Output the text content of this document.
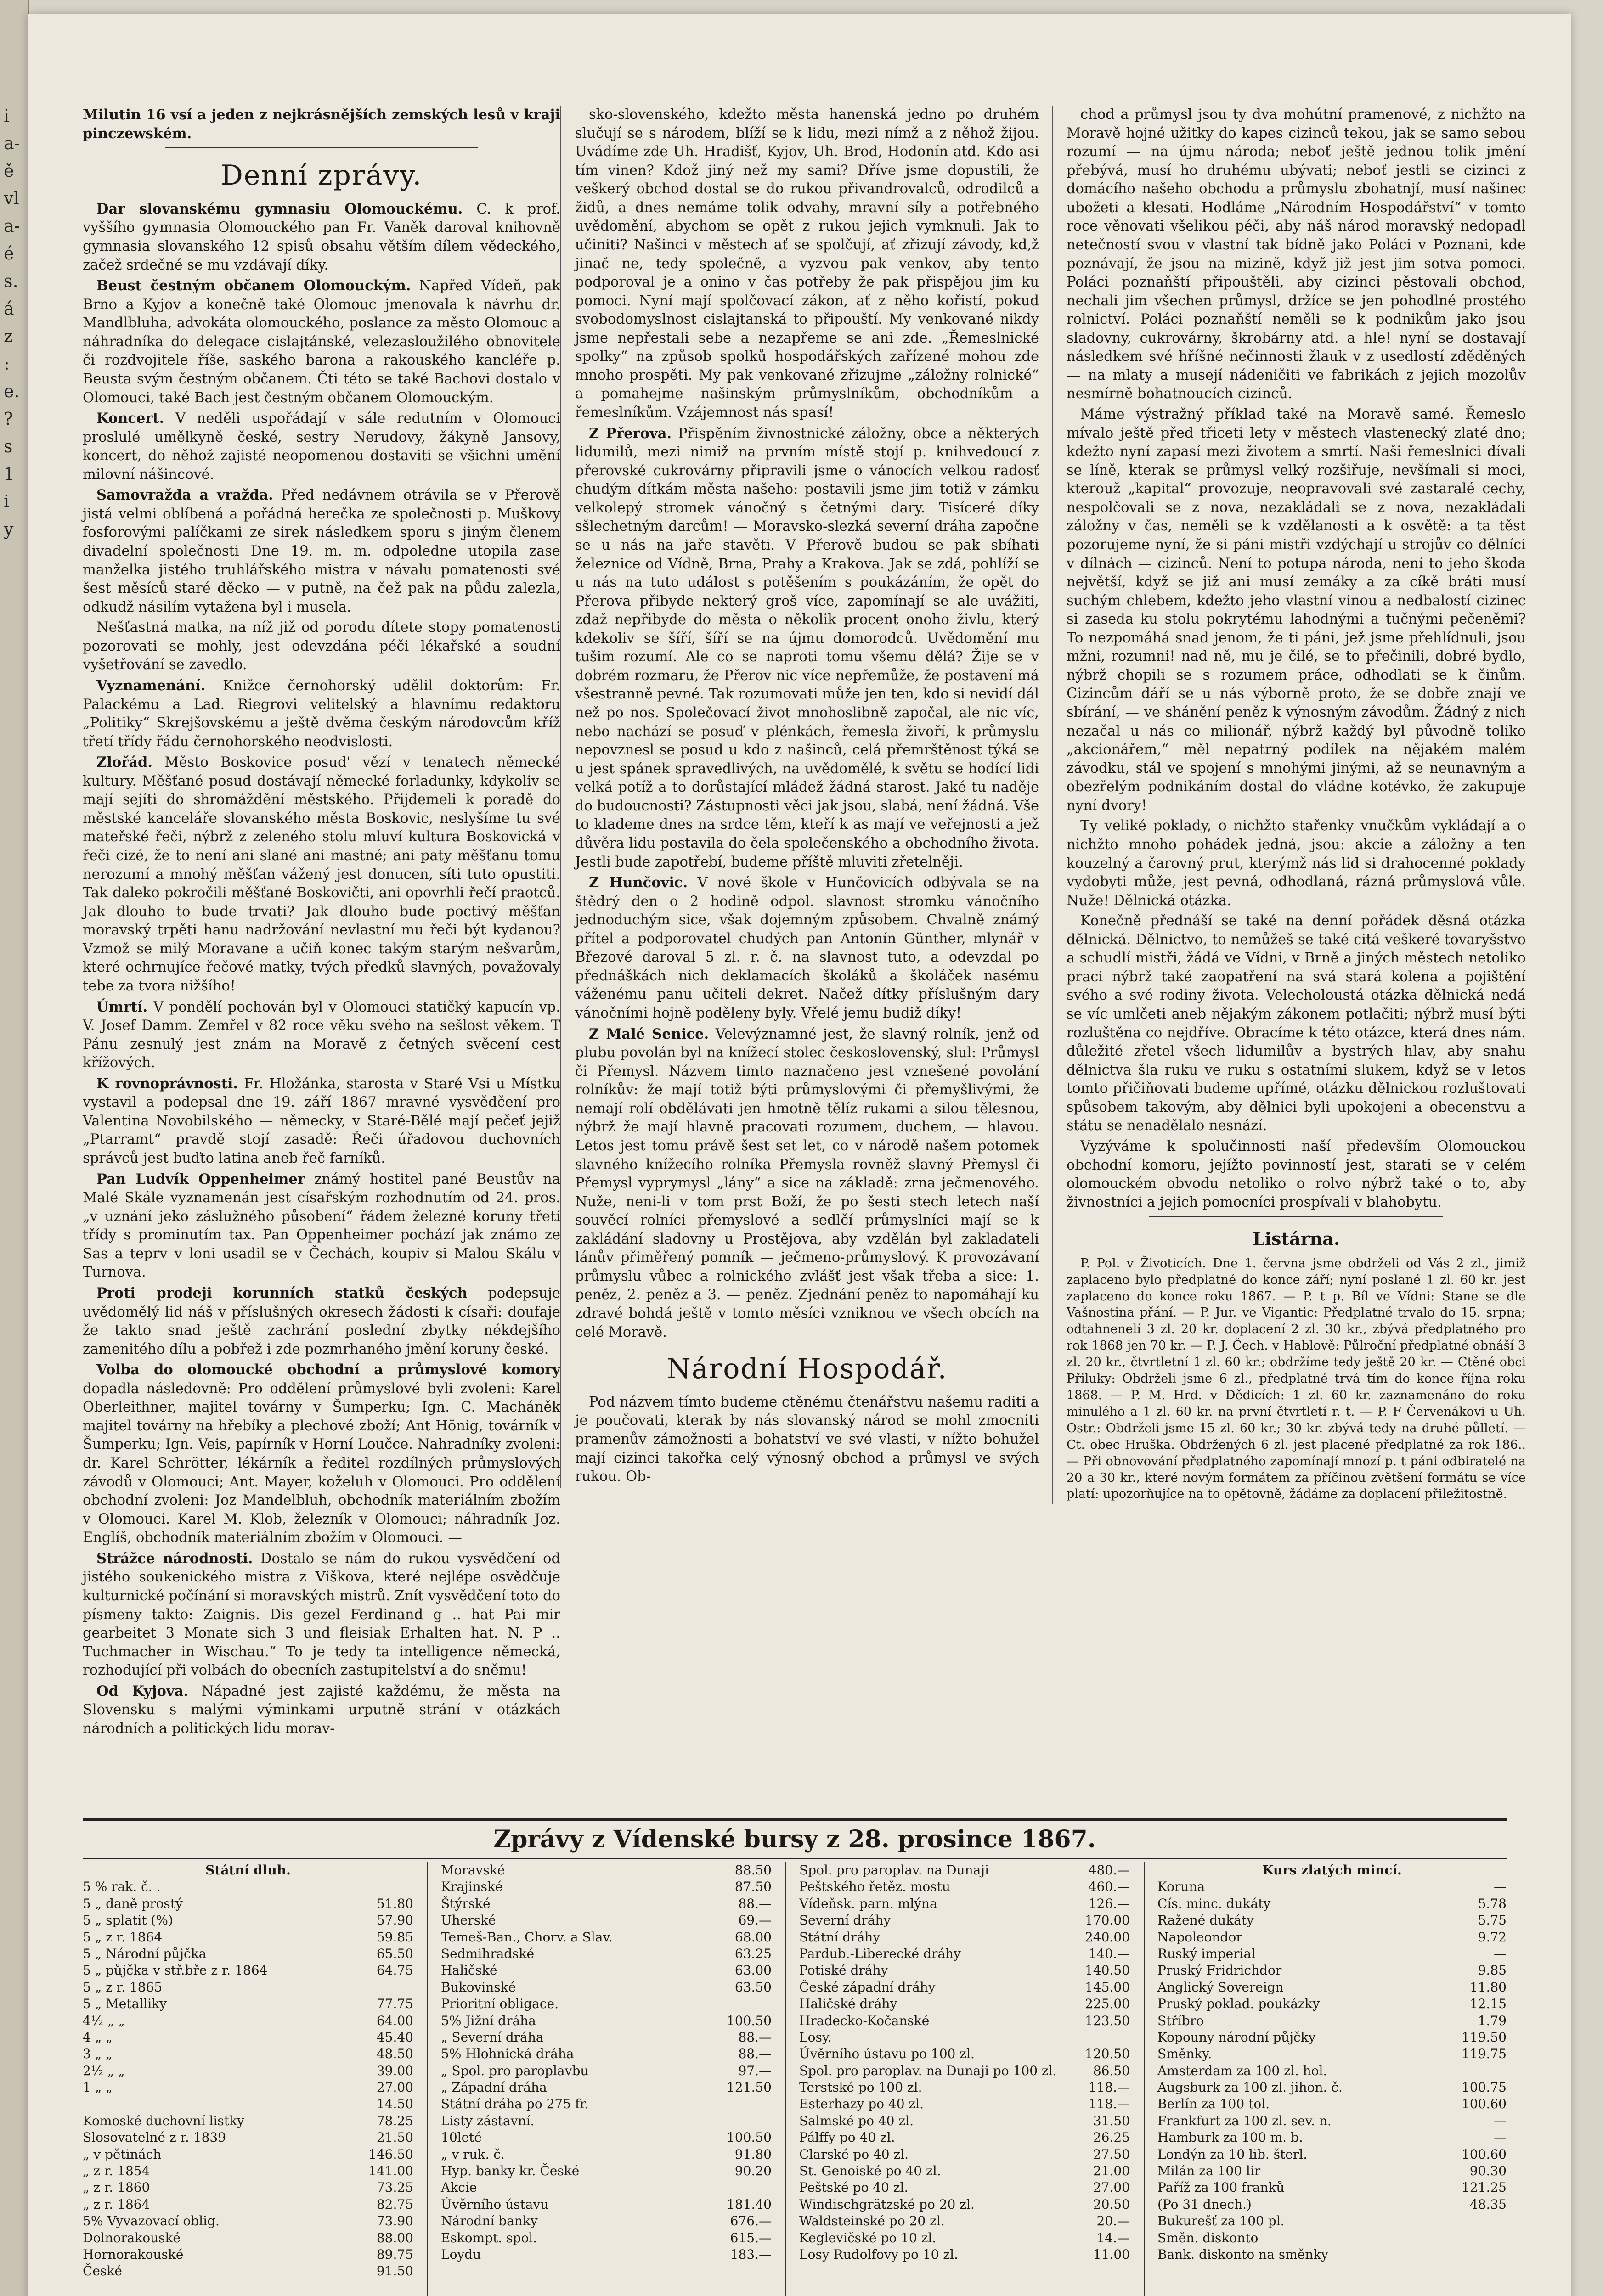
i
a-
ě
vl
a-
é
s.
á
z
:
e.
?
s
1
i
y

Milutin 16 vsí a jeden z nejkrásnějších zemských lesů v kraji pinczewském.

Denní zprávy.

Dar slovanskému gymnasiu Olomouckému. C. k prof. vyššího gymnasia Olomouckého pan Fr. Vaněk daroval knihovně gymnasia slovanského 12 spisů obsahu větším dílem vědeckého, začež srdečné se mu vzdávají díky.

Beust čestným občanem Olomouckým. Napřed Vídeň, pak Brno a Kyjov a konečně také Olomouc jmenovala k návrhu dr. Mandlbluha, advokáta olomouckého, poslance za město Olomouc a náhradníka do delegace cislajtánské, velezasloužilého obnovitele či rozdvojitele říše, saského barona a rakouského kancléře p. Beusta svým čestným občanem. Čti této se také Bachovi dostalo v Olomouci, také Bach jest čestným občanem Olomouckým.

Koncert. V neděli uspořádají v sále redutním v Olomouci proslulé umělkyně české, sestry Nerudovy, žákyně Jansovy, koncert, do něhož zajisté neopomenou dostaviti se všichni umění milovní nášincové.

Samovražda a vražda. Před nedávnem otrávila se v Přerově jistá velmi oblíbená a pořádná herečka ze společnosti p. Muškovy fosforovými palíčkami ze sirek následkem sporu s jiným členem divadelní společnosti Dne 19. m. m. odpoledne utopila zase manželka jistého truhlářského mistra v návalu pomatenosti své šest měsíců staré děcko — v putně, na čež pak na půdu zalezla, odkudž násilím vytažena byl i muselа.

Nešťastná matka, na níž již od porodu dítete stopy pomatenosti pozorovati se mohly, jest odevzdána péči lékařské a soudní vyšetřování se zavedlo.

Vyznamenání. Knižce černohorský udělil doktorům: Fr. Palackému a Lad. Riegrovi velitelský a hlavnímu redaktoru „Politiky“ Skrejšovskému a ještě dvěma českým národovcům kříž třetí třídy řádu černohorského neodvislosti.

Zlořád. Město Boskovice posud' vězí v tenatech německé kultury. Měšťané posud dostávají německé forladunky, kdykoliv se mají sejíti do shromáždění městského. Přijdemeli k poradě do městské kanceláře slovanského města Boskovic, neslyšíme tu své mateřské řeči, nýbrž z zeleného stolu mluví kultura Boskovická v řeči cizé, že to není ani slané ani mastné; ani paty měšťanu tomu nerozumí a mnohý měšťan vážený jest donucen, síti tuto opustiti. Tak daleko pokročili měšťané Boskovičti, ani opovrhli řečí praotců. Jak dlouho to bude trvati? Jak dlouho bude poctivý měšťan moravský trpěti hanu nadržování nevlastní mu řeči být kydanou? Vzmož se milý Moravane a učiň konec takým starým nešvarům, které ochrnujíce řečové matky, tvých předků slavných, považovaly tebe za tvora nižšího!

Úmrtí. V pondělí pochován byl v Olomouci statičký kapucín vp. V. Josef Damm. Zemřel v 82 roce věku svého na sešlost věkem. T Pánu zesnulý jest znám na Moravě z četných svěcení cest křížových.

K rovnoprávnosti. Fr. Hložánka, starosta v Staré Vsi u Místku vystavil a podepsal dne 19. září 1867 mravné vysvědčení pro Valentina Novobilského — německy, v Staré-Bělé mají pečeť jejiž „Ptarramt“ pravdě stojí zasadě: Řeči úřadovou duchovních správců jest buďto latina aneb řeč farníků.

Pan Ludvík Oppenheimer známý hostitel pané Beustův na Malé Skále vyznamenán jest císařským rozhodnutím od 24. pros. „v uznání jeko záslužného působení“ řádem železné koruny třetí třídy s prominutím tax. Pan Oppenheimer pochází jak známo ze Sas a teprv v loni usadil se v Čechách, koupiv si Malou Skálu v Turnova.

Proti prodeji korunních statků českých podepsuje uvědomělý lid náš v příslušných okresech žádosti k císaři: doufaje že takto snad ještě zachrání poslední zbytky nékdejšího zamenitého dílu a pobřež i zde pozmrhaného jmění koruny české.

Volba do olomoucké obchodní a průmyslové komory dopadla následovně: Pro oddělení průmyslové byli zvoleni: Karel Oberleithner, majitel továrny v Šumperku; Ign. C. Macháněk majitel továrny na hřebíky a plechové zboží; Ant Hönig, továrník v Šumperku; Ign. Veis, papírník v Horní Loučce. Nahradníky zvoleni: dr. Karel Schrötter, lékárník a ředitel rozdílných průmyslových závodů v Olomouci; Ant. Mayer, koželuh v Olomouci. Pro oddělení obchodní zvoleni: Joz Mandelbluh, obchodník materiálním zbožím v Olomouci. Karel M. Klob, železník v Olomouci; náhradník Joz. Englíš, obchodník materiálním zbožím v Olomouci. —

Strážce národnosti. Dostalo se nám do rukou vysvědčení od jistého soukenického mistra z Viškova, které nejlépe osvědčuje kulturnické počínání si moravských mistrů. Znít vysvědčení toto do písmeny takto: Zaignis. Dis gezel Ferdinand g .. hat Pai mir gearbeitet 3 Monate sich 3 und fleisiak Erhalten hat. N. P .. Tuchmacher in Wischau.“ To je tedy ta intelligence německá, rozhodující při volbách do obecních zastupitelství a do sněmu!

Od Kyjova. Nápadné jest zajisté každému, že města na Slovensku s malými výminkami urputně strání v otázkách národních a politických lidu morav-

sko-slovenského, kdežto města hanenská jedno po druhém slučují se s národem, blíží se k lidu, mezi nímž a z něhož žijou. Uvádíme zde Uh. Hradišť, Kyjov, Uh. Brod, Hodonín atd. Kdo asi tím vinen? Kdož jiný než my sami? Dříve jsme dopustili, že veškerý obchod dostal se do rukou přivandrovalců, odrodilců a židů, a dnes nemáme tolik odvahy, mravní síly a potřebného uvědomění, abychom se opět z rukou jejich vymknuli. Jak to učiniti? Našinci v městech ať se spolčují, ať zřizují závody, kd,ž jinač ne, tedy společně, a vyzvou pak venkov, aby tento podporoval je a onino v čas potřeby že pak přispějou jim ku pomoci. Nyní mají spolčovací zákon, ať z něho kořistí, pokud svobodomyslnost cislajtanská to připouští. My venkované nikdy jsme nepřestali sebe a nezapřeme se ani zde. „Řemeslnické spolky“ na způsob spolků hospodářských zařízené mohou zde mnoho prospěti. My pak venkované zřizujme „záložny rolnické“ a pomahejme našinským průmyslníkům, obchodníkům a řemeslníkům. Vzájemnost nás spasí!

Z Přerova. Přispěním živnostnické záložny, obce a některých lidumilů, mezi nimiž na prvním místě stojí p. knihvedoucí z přerovské cukrovárny připravili jsme o vánocích velkou radosť chudým dítkám města našeho: postavili jsme jim totiž v zámku velkolepý stromek vánočný s četnými dary. Tisíceré díky sšlechetným darcům! — Moravsko-slezká severní dráha započne se u nás na jaře stavěti. V Přerově budou se pak sbíhati železnice od Vídně, Brna, Prahy a Krakova. Jak se zdá, pohlíží se u nás na tuto událost s potěšením s poukázáním, že opět do Přerova přibyde nekterý groš více, zapomínají se ale uvážiti, zdaž nepřibyde do města o několik procent onoho živlu, který kdekoliv se šíří, šíří se na újmu domorodců. Uvědomění mu tušim rozumí. Ale co se naproti tomu všemu dělá? Žije se v dobrém rozmaru, že Přerov nic více nepřemůže, že postavení má všestranně pevné. Tak rozumovati může jen ten, kdo si nevidí dál než po nos. Společovací život mnohoslibně započal, ale nic víc, nebo nachází se posuď v plénkách, řemesla živoří, k průmyslu nepovznesl se posud u kdo z našinců, celá přemrštěnost týká se u jest spánek spravedlivých, na uvědomělé, k světu se hodící lidi velká potíž a to dorůstající mládež žádná starost. Jaké tu naděje do budoucnosti? Zástupnosti věci jak jsou, slabá, není žádná. Vše to klademe dnes na srdce těm, kteří k as mají ve veřejnosti a jež důvěra lidu postavila do čela společenského a obchodního života. Jestli bude zapotřebí, budeme příště mluviti zřetelněji.

Z Hunčovic. V nové škole v Hunčovicích odbývala se na štědrý den o 2 hodině odpol. slavnost stromku vánočního jednoduchým sice, však dojemným způsobem. Chvalně známý přítel a podporovatel chudých pan Antonín Günther, mlynář v Březové daroval 5 zl. r. č. na slavnost tuto, a odevzdal po přednáškách nich deklamacích školáků a školáček nasému váženému panu učiteli dekret. Načež dítky příslušným dary vánočními hojně poděleny byly. Vřelé jemu budiž díky!

Z Malé Senice. Velevýznamné jest, že slavný rolník, jenž od plubu povolán byl na knížecí stolec československý, slul: Průmysl či Přemysl. Názvem timto naznačeno jest vznešené povolání rolníkův: že mají totiž býti průmyslovými či přemyšlivými, že nemají rolí obdělávati jen hmotně tělíz rukami a silou tělesnou, nýbrž že mají hlavně pracovati rozumem, duchem, — hlavou. Letos jest tomu právě šest set let, co v národě našem potomek slavného knížecího rolníka Přemysla rovněž slavný Přemysl či Přemysl vyprymysl „lány“ a sice na základě: zrna ječmenového. Nuže, neni-li v tom prst Boží, že po šesti stech letech naší souvěcí rolníci přemyslové a sedlčí průmyslníci mají se k zakládání sladovny u Prostějova, aby vzdělán byl zakladateli lánův přiměřený pomník — ječmeno-průmyslový. K provozávaní průmyslu vůbec a rolnického zvlášť jest však třeba a sice: 1. peněz, 2. peněz a 3. — peněz. Zjednání peněz to napomáhají ku zdravé bohdá ještě v tomto měsíci vzniknou ve všech obcích na celé Moravě.

Národní Hospodář.

Pod názvem tímto budeme ctěnému čtenářstvu našemu raditi a je poučovati, kterak by nás slovanský národ se mohl zmocniti pramenův zámožnosti a bohatství ve své vlasti, v nížto bohužel mají cizinci takořka celý výnosný obchod a průmysl ve svých rukou. Ob-

chod a průmysl jsou ty dva mohútní pramenové, z nichžto na Moravě hojné užitky do kapes cizinců tekou, jak se samo sebou rozumí — na újmu národa; neboť ještě jednou tolik jmění přebývá, musí ho druhému ubývati; neboť jestli se cizinci z domácího našeho obchodu a průmyslu zbohatnjí, musí našinec ubožeti a klesati. Hodláme „Národním Hospodářství“ v tomto roce věnovati všelikou péči, aby náš národ moravský nedopadl netečností svou v vlastní tak bídně jako Poláci v Poznani, kde poznávají, že jsou na mizině, když již jest jim sotva pomoci. Poláci poznaňští připouštěli, aby cizinci pěstovali obchod, nechali jim všechen průmysl, držíce se jen pohodlné prostého rolnictví. Poláci poznaňští neměli se k podnikům jako jsou sladovny, cukrovárny, škrobárny atd. a hle! nyní se dostavají následkem své hříšné nečinnosti žlauk v z usedlostí zděděných — na mlaty a musejí nádeničiti ve fabrikách z jejich mozolův nesmírně bohatnoucích cizinců.

Máme výstražný příklad také na Moravě samé. Řemeslo mívalo ještě před třiceti lety v městech vlastenecký zlaté dno; kdežto nyní zapasí mezi životem a smrtí. Naši řemeslníci dívali se líně, kterak se průmysl velký rozšiřuje, nevšímali si moci, kterouž „kapital“ provozuje, neopravovali své zastaralé cechy, nespolčovali se z nova, nezakládali se z nova, nezakládali záložny v čas, neměli se k vzdělanosti a k osvětě: a ta těst pozorujeme nyní, že si páni mistři vzdýchají u strojův co dělníci v dílnách — cizinců. Není to potupa národa, není to jeho škoda největší, když se již ani musí zemáky a za cíkě bráti musí suchým chlebem, kdežto jeho vlastní vinou a nedbalostí cizinec si zaseda ku stolu pokrytému lahodnými a tučnými pečeněmi? To nezpomáhá snad jenom, že ti páni, jež jsme přehlídnuli, jsou mžni, rozumni! nad ně, mu je čilé, se to přečinili, dobré bydlo, nýbrž chopili se s rozumem práce, odhodlati se k činům. Cizincům dáří se u nás výborně proto, že se dobře znají ve sbírání, — ve shánění peněz k výnosným závodům. Žádný z nich nezačal u nás co milionář, nýbrž každý byl původně toliko „akcionářem,“ měl nepatrný podílek na nějakém malém závodku, stál ve spojení s mnohými jinými, až se neunavným a obezřelým podnikáním dostal do vládne kotévko, že zakupuje nyní dvory!

Ty veliké poklady, o nichžto stařenky vnučkům vykládají a o nichžto mnoho pohádek jedná, jsou: akcie a záložny a ten kouzelný a čarovný prut, kterýmž nás lid si drahocenné poklady vydobyti může, jest pevná, odhodlaná, rázná průmyslová vůle. Nuže! Dělnická otázka.

Konečně přednáší se také na denní pořádek děsná otázka dělnická. Dělnictvo, to nemůžeš se také citá veškeré tovaryšstvo a schudlí mistři, žádá ve Vídni, v Brně a jiných městech netoliko praci nýbrž také zaopatření na svá stará kolena a pojištění svého a své rodiny života. Velecholoustá otázka dělnická nedá se víc umlčeti aneb nějakým zákonem potlačiti; nýbrž musí býti rozluštěna co nejdříve. Obracíme k této otázce, která dnes nám. důležité zřetel všech lidumilův a bystrých hlav, aby snahu dělnictva šla ruku ve ruku s ostatními slukem, když se v letos tomto přičiňovati budeme upřímé, otázku dělnickou rozluštovati spůsobem takovým, aby dělnici byli upokojeni a obecenstvu a státu se nenadělalo nesnází.

Vyzýváme k spolučinnosti naší především Olomouckou obchodní komoru, jejížto povinností jest, starati se v celém olomouckém obvodu netoliko o rolvo nýbrž také o to, aby živnostníci a jejich pomocníci prospívali v blahobytu.

Listárna.

P. Pol. v Životicích. Dne 1. června jsme obdrželi od Vás 2 zl., jimiž zaplaceno bylo předplatné do konce září; nyní poslané 1 zl. 60 kr. jest zaplaceno do konce roku 1867. — P. t p. Bíl ve Vídni: Stane se dle Vašnostina přání. — P. Jur. ve Vigantic: Předplatné trvalo do 15. srpna; odtahnenelí 3 zl. 20 kr. doplacení 2 zl. 30 kr., zbývá předplatného pro rok 1868 jen 70 kr. — P. J. Čech. v Hablově: Půlroční předplatné obnáší 3 zl. 20 kr., čtvrtletní 1 zl. 60 kr.; obdržíme tedy ještě 20 kr. — Ctěné obci Přiluky: Obdrželi jsme 6 zl., předplatné trvá tím do konce října roku 1868. — P. M. Hrd. v Dědicích: 1 zl. 60 kr. zaznamenáno do roku minulého a 1 zl. 60 kr. na první čtvrtletí r. t. — P. F Červenákovi u Uh. Ostr.: Obdrželi jsme 15 zl. 60 kr.; 30 kr. zbývá tedy na druhé půlletí. — Ct. obec Hruška. Obdržených 6 zl. jest placené předplatné za rok 186.. — Při obnovování předplatného zapomínají mnozí p. t páni odbiratelé na 20 a 30 kr., které novým formátem za příčinou zvětšení formátu se více platí: upozorňujíce na to opětovně, žádáme za doplacení přiležitostně.

Zprávy z Vídenské bursy z 28. prosince 1867.
Státní dluh.
5 % rak. č. .
5 „ daně prostý	51.80
5 „ splatit (%)	57.90
5 „ z r. 1864	59.85
5 „ Národní půjčka	65.50
5 „ půjčka v stř.bře z r. 1864	64.75
5 „ z r. 1865
5 „ Metalliky	77.75
4½ „ „	64.00
4 „ „	45.40
3 „ „	48.50
2½ „ „	39.00
1 „ „	27.00
14.50
Komoské duchovní listky	78.25
Slosovatelné z r. 1839	21.50
„ v pětinách	146.50
„ z r. 1854	141.00
„ z r. 1860	73.25
„ z r. 1864	82.75
5% Vyvazovací oblig.	73.90
Dolnorakouské	88.00
Hornorakouské	89.75
České	91.50
Moravské	88.50
Krajinské	87.50
Štýrské	88.—
Uherské	69.—
Temeš-Ban., Chorv. a Slav.	68.00
Sedmihradské	63.25
Haličské	63.00
Bukovinské	63.50
Prioritní obligace.
5% Jižní dráha	100.50
„ Severní dráha	88.—
5% Hlohnická dráha	88.—
„ Spol. pro paroplavbu	97.—
„ Západní dráha	121.50
Státní dráha po 275 fr.
Listy zástavní.
10leté	100.50
„ v ruk. č.	91.80
Hyp. banky kr. České	90.20
Akcie
Úvěrního ústavu	181.40
Národní banky	676.—
Eskompt. spol.	615.—
Loydu	183.—
Spol. pro paroplav. na Dunaji	480.—
Peštského řetěz. mostu	460.—
Vídeňsk. parn. mlýna	126.—
Severní dráhy	170.00
Státní dráhy	240.00
Pardub.-Liberecké dráhy	140.—
Potiské dráhy	140.50
České západní dráhy	145.00
Haličské dráhy	225.00
Hradecko-Kočanské	123.50
Losy.
Úvěrního ústavu po 100 zl.	120.50
Spol. pro paroplav. na Dunaji po 100 zl.	86.50
Terstské po 100 zl.	118.—
Esterhazy po 40 zl.	118.—
Salmské po 40 zl.	31.50
Pálffy po 40 zl.	26.25
Clarské po 40 zl.	27.50
St. Genoiské po 40 zl.	21.00
Peštské po 40 zl.	27.00
Windischgrätzské po 20 zl.	20.50
Waldsteinské po 20 zl.	20.—
Keglevičské po 10 zl.	14.—
Losy Rudolfovy po 10 zl.	11.00
Kurs zlatých mincí.
Koruna	—
Cís. minc. dukáty	5.78
Ražené dukáty	5.75
Napoleondor	9.72
Ruský imperial	—
Pruský Fridrichdor	9.85
Anglický Sovereign	11.80
Pruský poklad. poukázky	12.15
Stříbro	1.79
Kopouny národní půjčky	119.50
Směnky.	119.75
Amsterdam za 100 zl. hol.
Augsburk za 100 zl. jihon. č.	100.75
Berlín za 100 tol.	100.60
Frankfurt za 100 zl. sev. n.	—
Hamburk za 100 m. b.	—
Londýn za 10 lib. šterl.	100.60
Milán za 100 lir	90.30
Paříž za 100 franků	121.25
(Po 31 dnech.)	48.35
Bukurešť za 100 pl.
Směn. diskonto
Bank. diskonto na směnky
